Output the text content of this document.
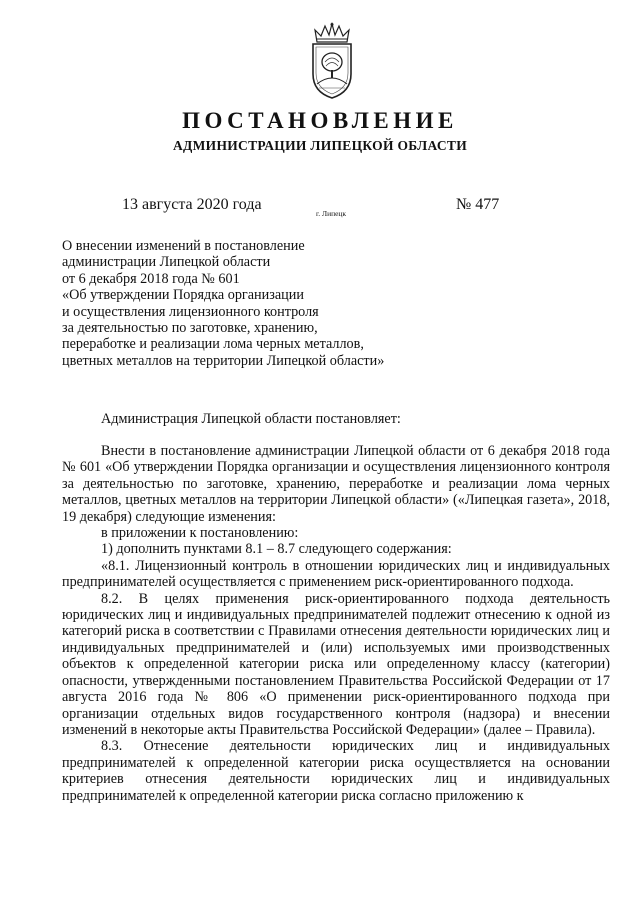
ПОСТАНОВЛЕНИЕ
АДМИНИСТРАЦИИ ЛИПЕЦКОЙ ОБЛАСТИ
13 августа 2020 года
г. Липецк
№ 477
О внесении изменений в постановление
администрации Липецкой области
от 6 декабря 2018 года № 601
«Об утверждении Порядка организации
и осуществления лицензионного контроля
за деятельностью по заготовке, хранению,
переработке и реализации лома черных металлов,
цветных металлов на территории Липецкой области»
Администрация Липецкой области постановляет:

Внести в постановление администрации Липецкой области от 6 декабря 2018 года № 601 «Об утверждении Порядка организации и осуществления лицензионного контроля за деятельностью по заготовке, хранению, переработке и реализации лома черных металлов, цветных металлов на территории Липецкой области» («Липецкая газета», 2018, 19 декабря) следующие изменения:

в приложении к постановлению:

1) дополнить пунктами 8.1 – 8.7 следующего содержания:

«8.1. Лицензионный контроль в отношении юридических лиц и индивидуальных предпринимателей осуществляется с применением риск-ориентированного подхода.

8.2. В целях применения риск-ориентированного подхода деятельность юридических лиц и индивидуальных предпринимателей подлежит отнесению к одной из категорий риска в соответствии с Правилами отнесения деятельности юридических лиц и индивидуальных предпринимателей и (или) используемых ими производственных объектов к определенной категории риска или определенному классу (категории) опасности, утвержденными постановлением Правительства Российской Федерации от 17 августа 2016 года № 806 «О применении риск-ориентированного подхода при организации отдельных видов государственного контроля (надзора) и внесении изменений в некоторые акты Правительства Российской Федерации» (далее – Правила).

8.3. Отнесение деятельности юридических лиц и индивидуальных предпринимателей к определенной категории риска осуществляется на основании критериев отнесения деятельности юридических лиц и индивидуальных предпринимателей к определенной категории риска согласно приложению к
